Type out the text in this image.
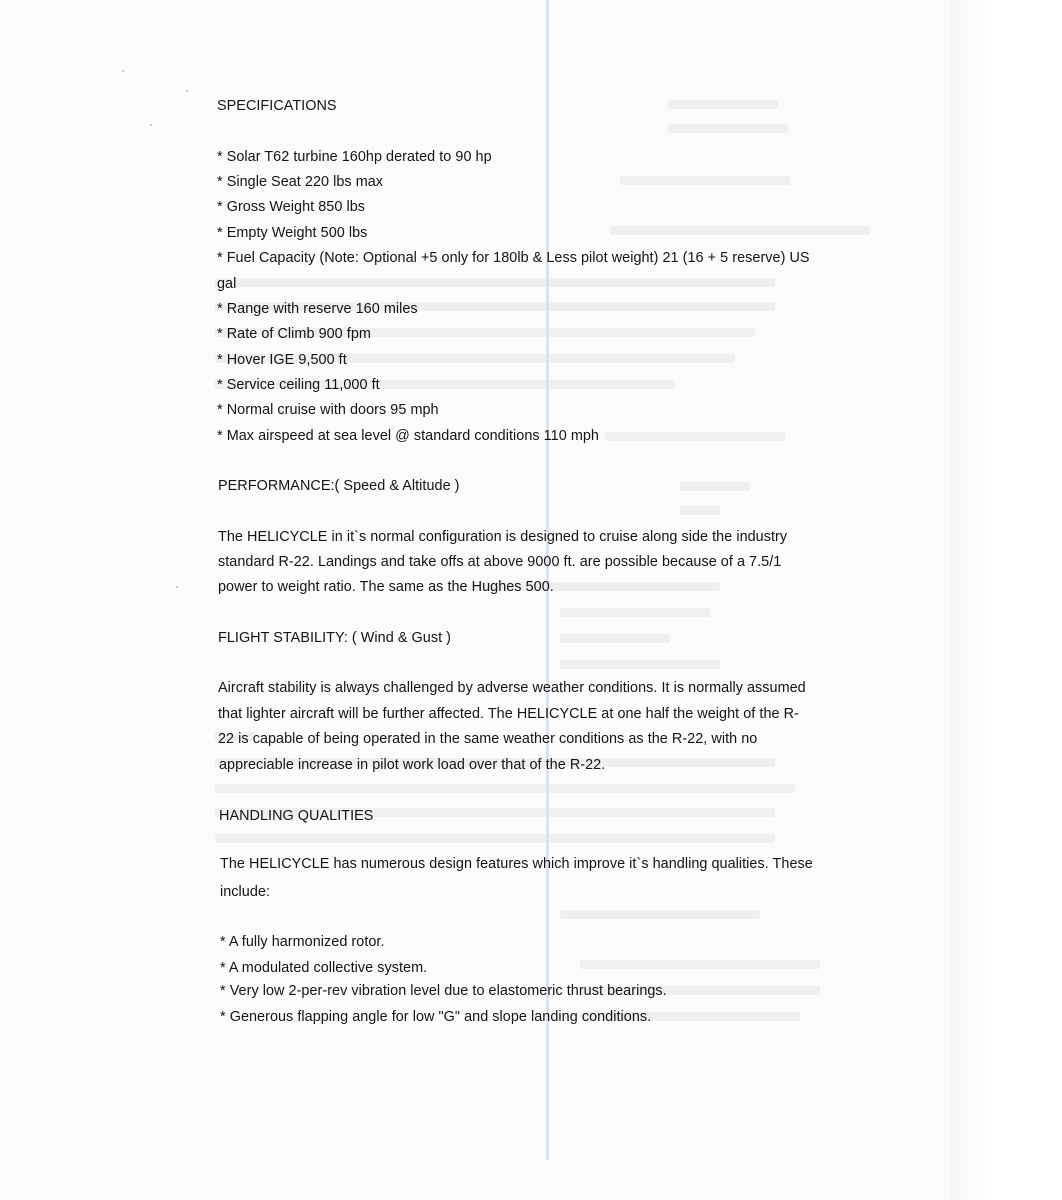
SPECIFICATIONS

* Solar T62 turbine 160hp derated to 90 hp

* Single Seat 220 lbs max

* Gross Weight 850 lbs

* Empty Weight 500 lbs

* Fuel Capacity (Note: Optional +5 only for 180lb & Less pilot weight) 21 (16 + 5 reserve) US

gal

* Range with reserve 160 miles

* Rate of Climb 900 fpm

* Hover IGE 9,500 ft

* Service ceiling 11,000 ft

* Normal cruise with doors 95 mph

* Max airspeed at sea level @ standard conditions 110 mph

PERFORMANCE:( Speed & Altitude )

The HELICYCLE in it`s normal configuration is designed to cruise along side the industry

standard R-22. Landings and take offs at above 9000 ft. are possible because of a 7.5/1

power to weight ratio. The same as the Hughes 500.

FLIGHT STABILITY: ( Wind & Gust )

Aircraft stability is always challenged by adverse weather conditions. It is normally assumed

that lighter aircraft will be further affected. The HELICYCLE at one half the weight of the R-

22 is capable of being operated in the same weather conditions as the R-22, with no

appreciable increase in pilot work load over that of the R-22.

HANDLING QUALITIES

The HELICYCLE has numerous design features which improve it`s handling qualities. These

include:

* A fully harmonized rotor.

* A modulated collective system.

* Very low 2-per-rev vibration level due to elastomeric thrust bearings.

* Generous flapping angle for low "G" and slope landing conditions.
